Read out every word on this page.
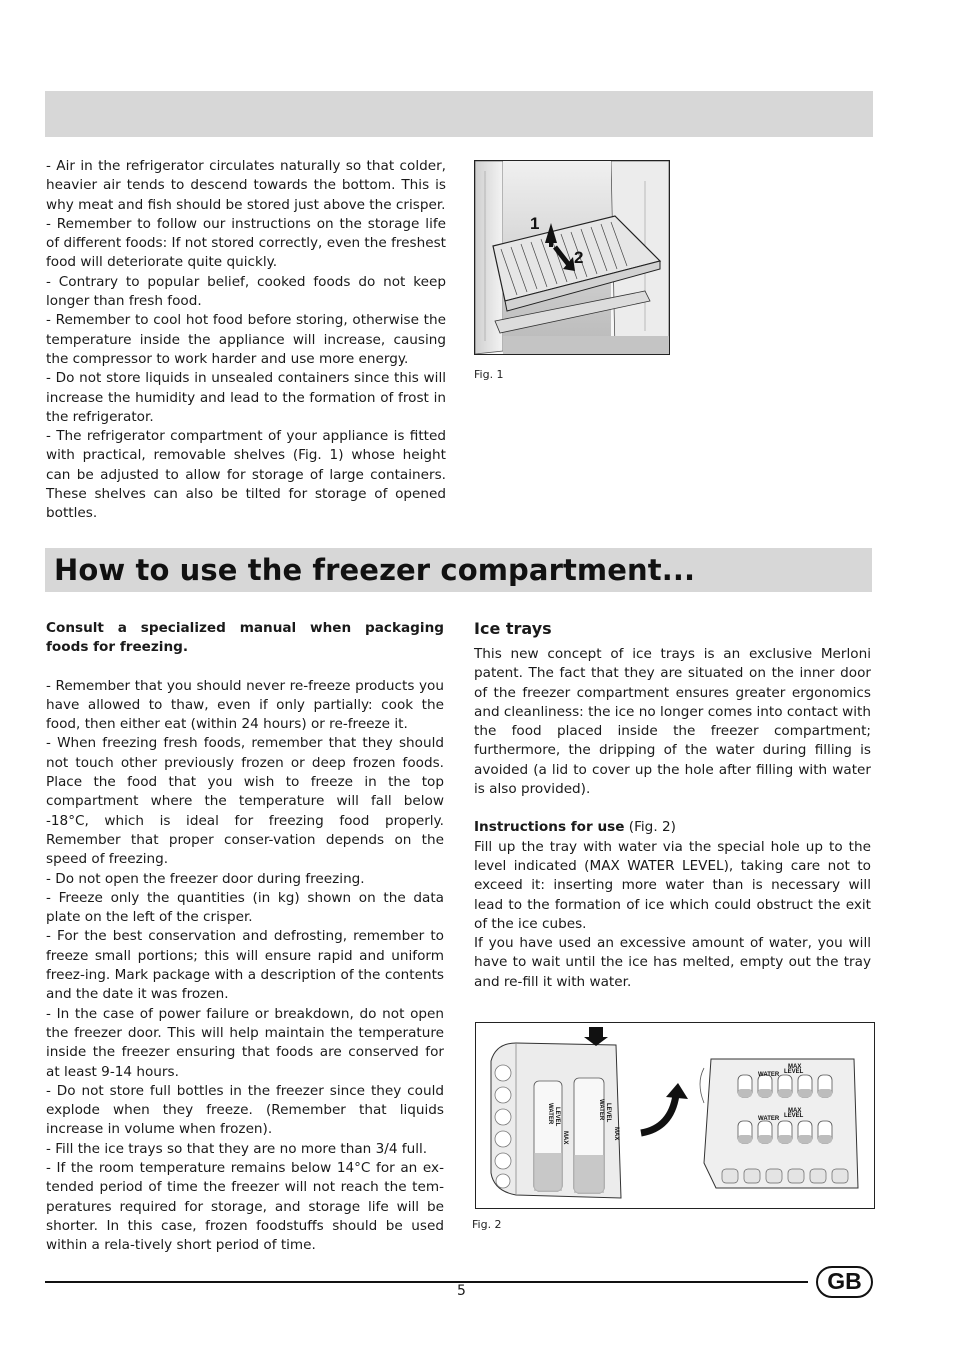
- Air in the refrigerator circulates naturally so that colder, heavier air tends to descend towards the bottom. This is why meat and fish should be stored just above the crisper.

- Remember to follow our instructions on the storage life of different foods: If not stored correctly, even the freshest food will deteriorate quite quickly.

- Contrary to popular belief, cooked foods do not keep longer than fresh food.

- Remember to cool hot food before storing, otherwise the temperature inside the appliance will increase, causing the compressor to work harder and use more energy.

- Do not store liquids in unsealed containers since this will increase the humidity and lead to the formation of frost in the refrigerator.

- The refrigerator compartment of your appliance is fitted with practical, removable shelves (Fig. 1) whose height can be adjusted to allow for storage of large containers. These shelves can also be tilted for storage of opened bottles.

1
2
Fig. 1
How to use the freezer compartment...

Consult a specialized manual when packaging foods for freezing.

- Remember that you should never re-freeze products you have allowed to thaw, even if only partially: cook the food, then either eat (within 24 hours) or re-freeze it.

- When freezing fresh foods, remember that they should not touch other previously frozen or deep frozen foods. Place the food that you wish to freeze in the top compartment where the temperature will fall below -18°C, which is ideal for freezing food properly. Remember that proper conser-vation depends on the speed of freezing.

- Do not open the freezer door during freezing.

- Freeze only the quantities (in kg) shown on the data plate on the left of the crisper.

- For the best conservation and defrosting, remember to freeze small portions; this will ensure rapid and uniform freez-ing. Mark package with a description of the contents and the date it was frozen.

- In the case of power failure or breakdown, do not open the freezer door. This will help maintain the temperature inside the freezer ensuring that foods are conserved for at least 9-14 hours.

- Do not store full bottles in the freezer since they could explode when they freeze. (Remember that liquids increase in volume when frozen).

- Fill the ice trays so that they are no more than 3/4 full.

- If the room temperature remains below 14°C for an ex-tended period of time the freezer will not reach the tem-peratures required for storage, and storage life will be shorter. In this case, frozen foodstuffs should be used within a rela-tively short period of time.

Ice trays

This new concept of ice trays is an exclusive Merloni patent. The fact that they are situated on the inner door of the freezer compartment ensures greater ergonomics and cleanliness: the ice no longer comes into contact with the food placed inside the freezer compartment; furthermore, the dripping of the water during filling is avoided (a lid to cover up the hole after filling with water is also provided).

Instructions for use (Fig. 2)

Fill up the tray with water via the special hole up to the level indicated (MAX WATER LEVEL), taking care not to exceed it: inserting more water than is necessary will lead to the formation of ice which could obstruct the exit of the ice cubes.

If you have used an excessive amount of water, you will have to wait until the ice has melted, empty out the tray and re-fill it with water.

WATER LEVEL
MAX
WATER LEVEL
MAX
WATER LEVEL
MAX
WATER LEVEL
MAX
Fig. 2
5	GB
